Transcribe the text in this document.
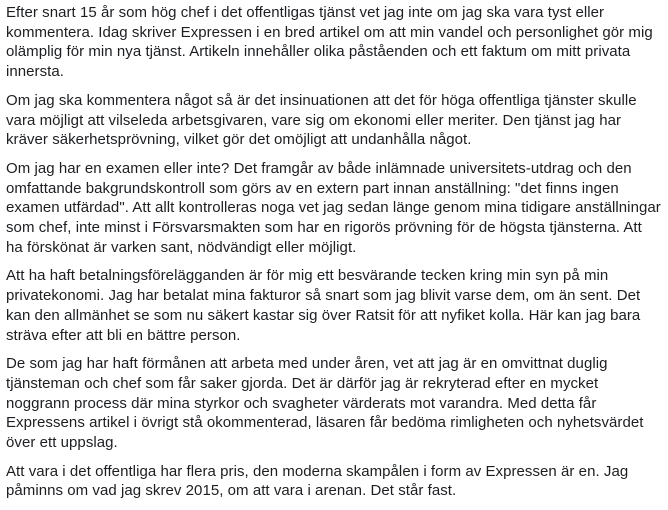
Efter snart 15 år som hög chef i det offentligas tjänst vet jag inte om jag ska vara tyst eller kommentera. Idag skriver Expressen i en bred artikel om att min vandel och personlighet gör mig olämplig för min nya tjänst. Artikeln innehåller olika påståenden och ett faktum om mitt privata innersta.

Om jag ska kommentera något så är det insinuationen att det för höga offentliga tjänster skulle vara möjligt att vilseleda arbetsgivaren, vare sig om ekonomi eller meriter. Den tjänst jag har kräver säkerhetsprövning, vilket gör det omöjligt att undanhålla något.

Om jag har en examen eller inte? Det framgår av både inlämnade universitets-utdrag och den omfattande bakgrundskontroll som görs av en extern part innan anställning: "det finns ingen examen utfärdad". Att allt kontrolleras noga vet jag sedan länge genom mina tidigare anställningar som chef, inte minst i Försvarsmakten som har en rigorös prövning för de högsta tjänsterna. Att ha förskönat är varken sant, nödvändigt eller möjligt.

Att ha haft betalningsförelägganden är för mig ett besvärande tecken kring min syn på min privatekonomi. Jag har betalat mina fakturor så snart som jag blivit varse dem, om än sent. Det kan den allmänhet se som nu säkert kastar sig över Ratsit för att nyfiket kolla. Här kan jag bara sträva efter att bli en bättre person.

De som jag har haft förmånen att arbeta med under åren, vet att jag är en omvittnat duglig tjänsteman och chef som får saker gjorda. Det är därför jag är rekryterad efter en mycket noggrann process där mina styrkor och svagheter värderats mot varandra. Med detta får Expressens artikel i övrigt stå okommenterad, läsaren får bedöma rimligheten och nyhetsvärdet över ett uppslag.

Att vara i det offentliga har flera pris, den moderna skampålen i form av Expressen är en. Jag påminns om vad jag skrev 2015, om att vara i arenan. Det står fast.
